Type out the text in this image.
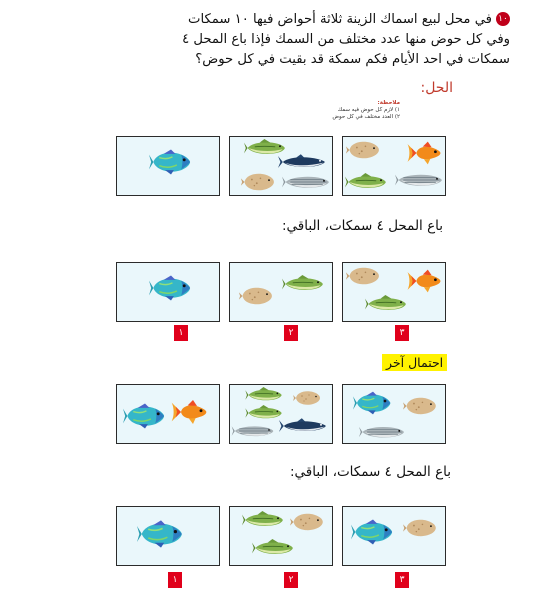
١٠في محل لبيع اسماك الزينة ثلاثة أحواض فيها ١٠ سمكات
وفي كل حوض منها عدد مختلف من السمك فإذا باع المحل ٤
سمكات في احد الأيام فكم سمكة قد بقيت في كل حوض؟
الحل:
ملاحظة:
١) لازم كل حوض فيه سمك
٢) العدد مختلف في كل حوض
باع المحل ٤ سمكات، الباقي:
١	٢	٣
احتمال آخر
باع المحل ٤ سمكات، الباقي:
١	٢	٣
